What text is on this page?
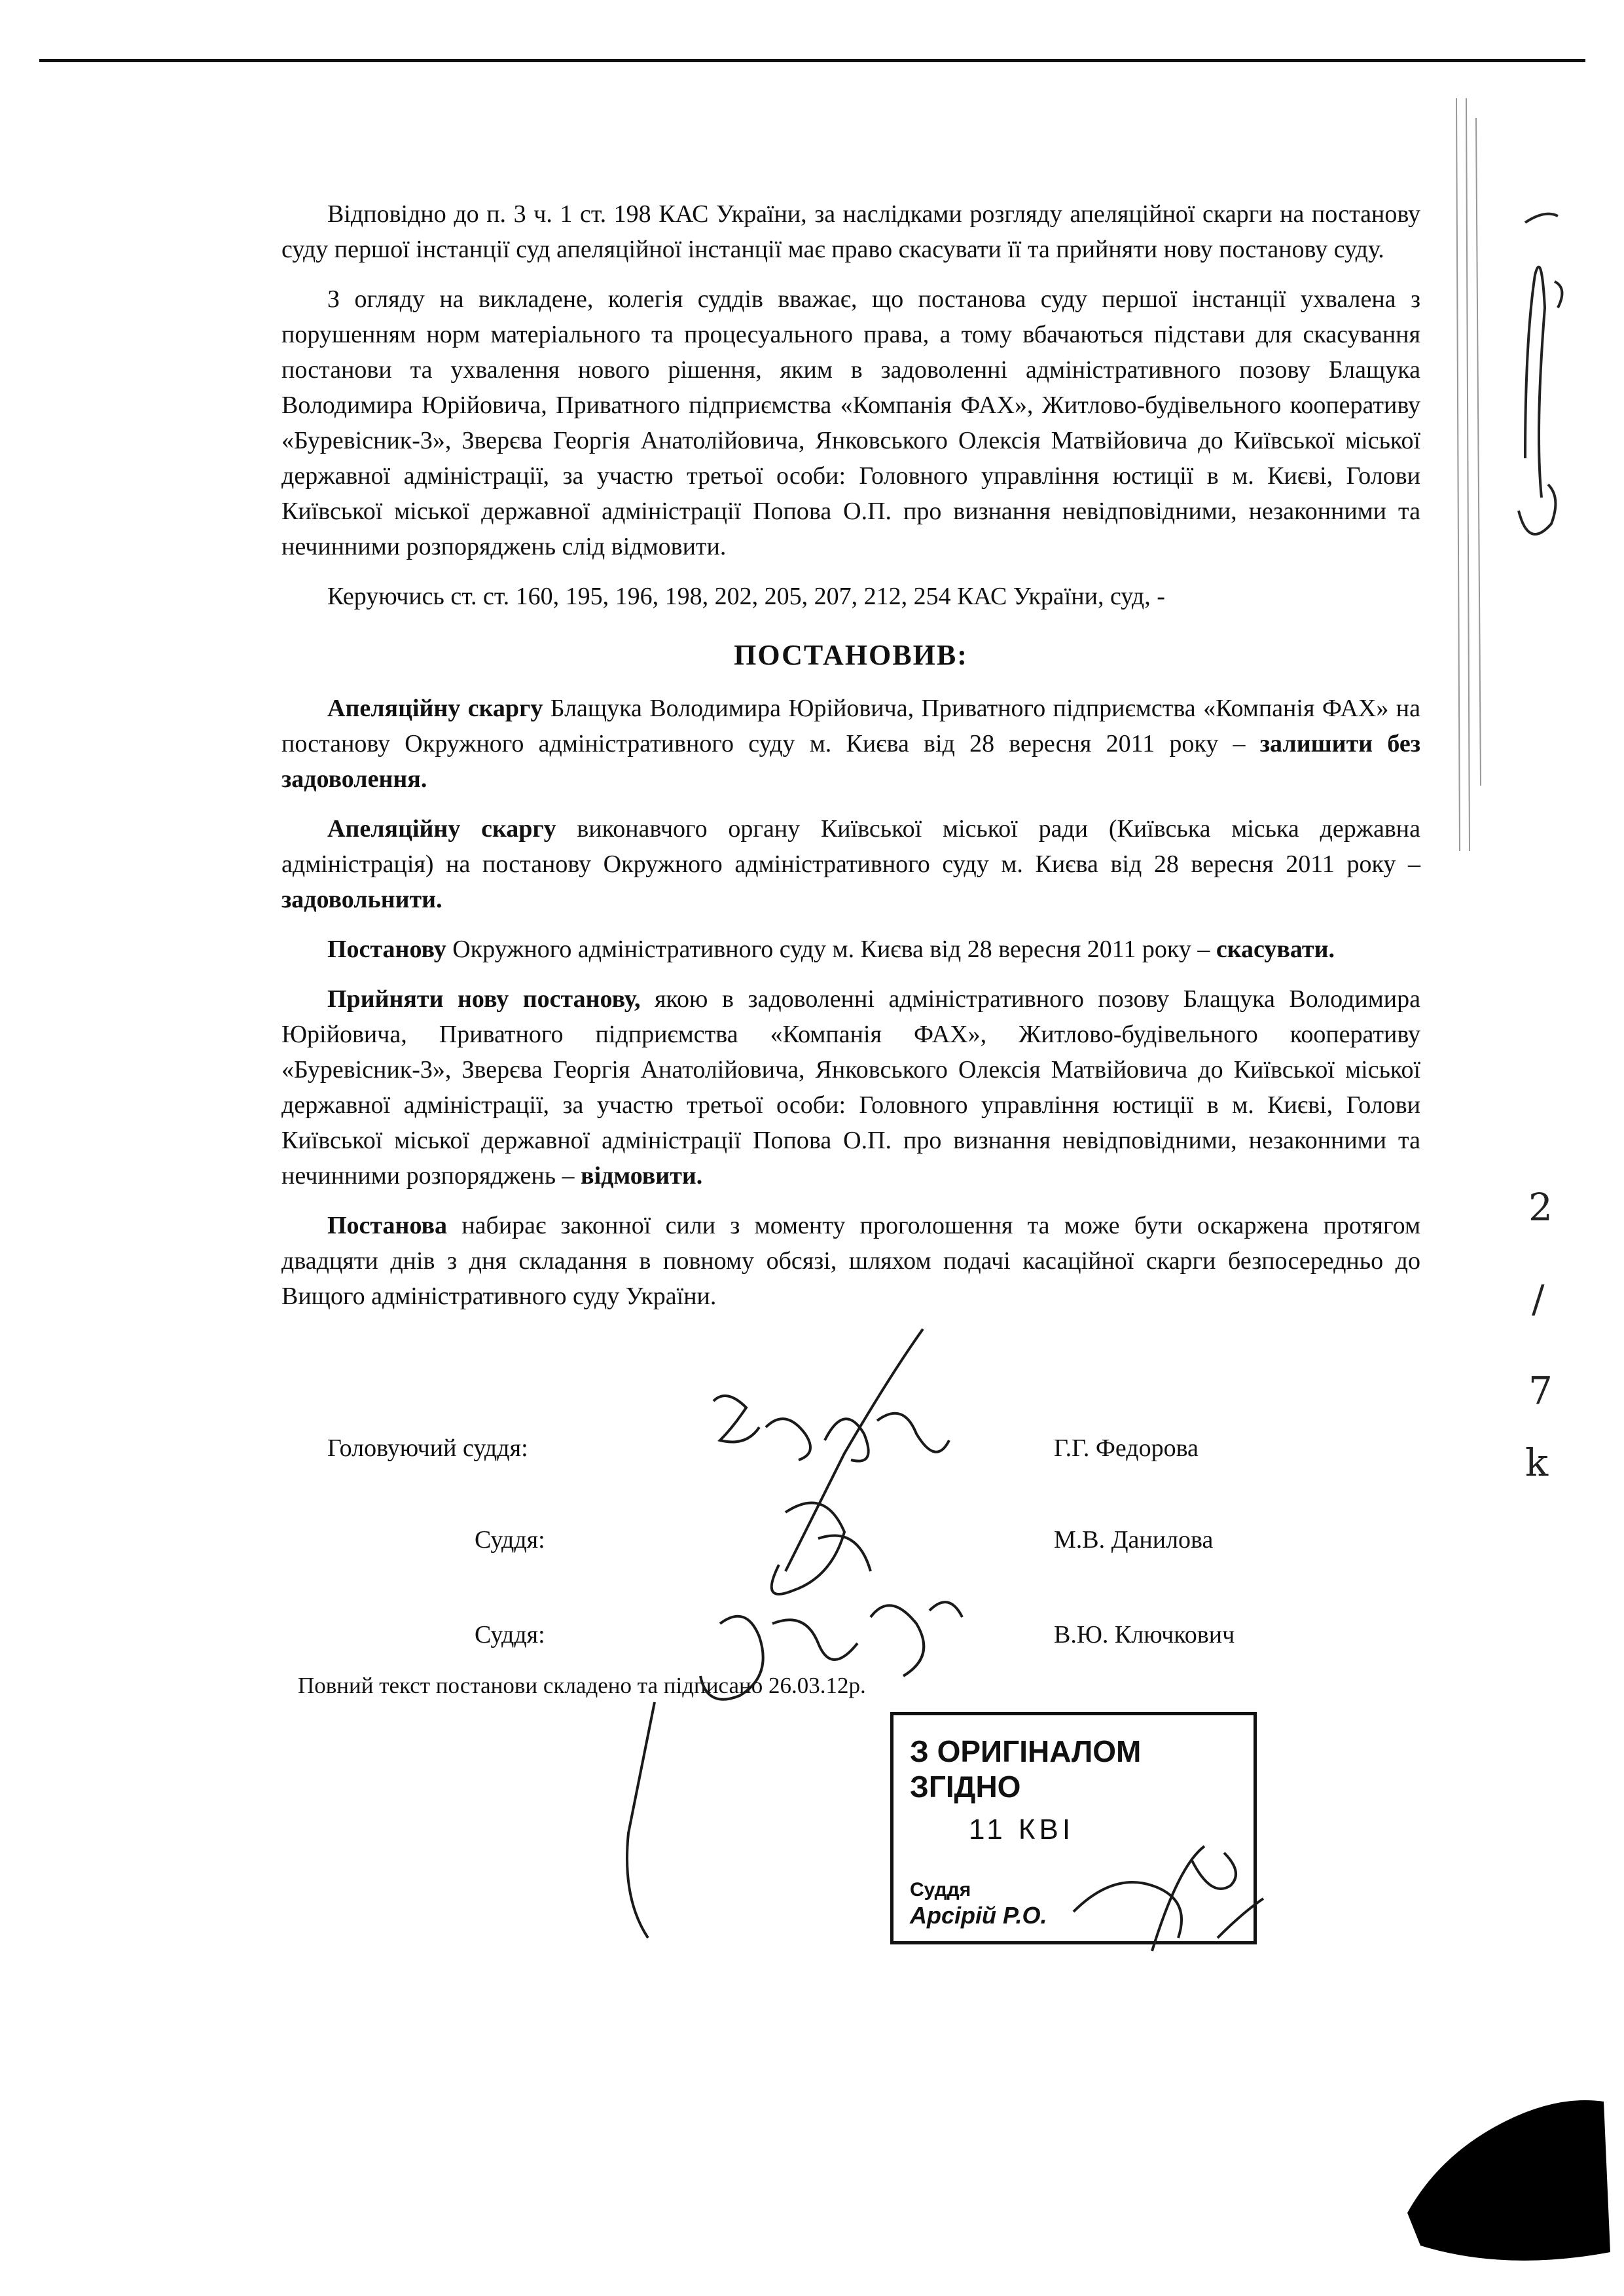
Відповідно до п. 3 ч. 1 ст. 198 КАС України, за наслідками розгляду апеляційної скарги на постанову суду першої інстанції суд апеляційної інстанції має право скасувати її та прийняти нову постанову суду.

З огляду на викладене, колегія суддів вважає, що постанова суду першої інстанції ухвалена з порушенням норм матеріального та процесуального права, а тому вбачаються підстави для скасування постанови та ухвалення нового рішення, яким в задоволенні адміністративного позову Блащука Володимира Юрійовича, Приватного підприємства «Компанія ФАХ», Житлово-будівельного кооперативу «Буревісник-3», Зверєва Георгія Анатолійовича, Янковського Олексія Матвійовича до Київської міської державної адміністрації, за участю третьої особи: Головного управління юстиції в м. Києві, Голови Київської міської державної адміністрації Попова О.П. про визнання невідповідними, незаконними та нечинними розпоряджень слід відмовити.

Керуючись ст. ст. 160, 195, 196, 198, 202, 205, 207, 212, 254 КАС України, суд, -

ПОСТАНОВИВ:

Апеляційну скаргу Блащука Володимира Юрійовича, Приватного підприємства «Компанія ФАХ» на постанову Окружного адміністративного суду м. Києва від 28 вересня 2011 року – залишити без задоволення.

Апеляційну скаргу виконавчого органу Київської міської ради (Київська міська державна адміністрація) на постанову Окружного адміністративного суду м. Києва від 28 вересня 2011 року – задовольнити.

Постанову Окружного адміністративного суду м. Києва від 28 вересня 2011 року – скасувати.

Прийняти нову постанову, якою в задоволенні адміністративного позову Блащука Володимира Юрійовича, Приватного підприємства «Компанія ФАХ», Житлово-будівельного кооперативу «Буревісник-3», Зверєва Георгія Анатолійовича, Янковського Олексія Матвійовича до Київської міської державної адміністрації, за участю третьої особи: Головного управління юстиції в м. Києві, Голови Київської міської державної адміністрації Попова О.П. про визнання невідповідними, незаконними та нечинними розпоряджень – відмовити.

Постанова набирає законної сили з моменту проголошення та може бути оскаржена протягом двадцяти днів з дня складання в повному обсязі, шляхом подачі касаційної скарги безпосередньо до Вищого адміністративного суду України.

Головуючий суддя:	Г.Г. Федорова
Суддя:	М.В. Данилова
Суддя:	В.Ю. Ключкович
Повний текст постанови складено та підписано 26.03.12р.
З ОРИГІНАЛОМ ЗГІДНО
11 КВІ
Суддя
Арсірій Р.О.
2
/
7
k
